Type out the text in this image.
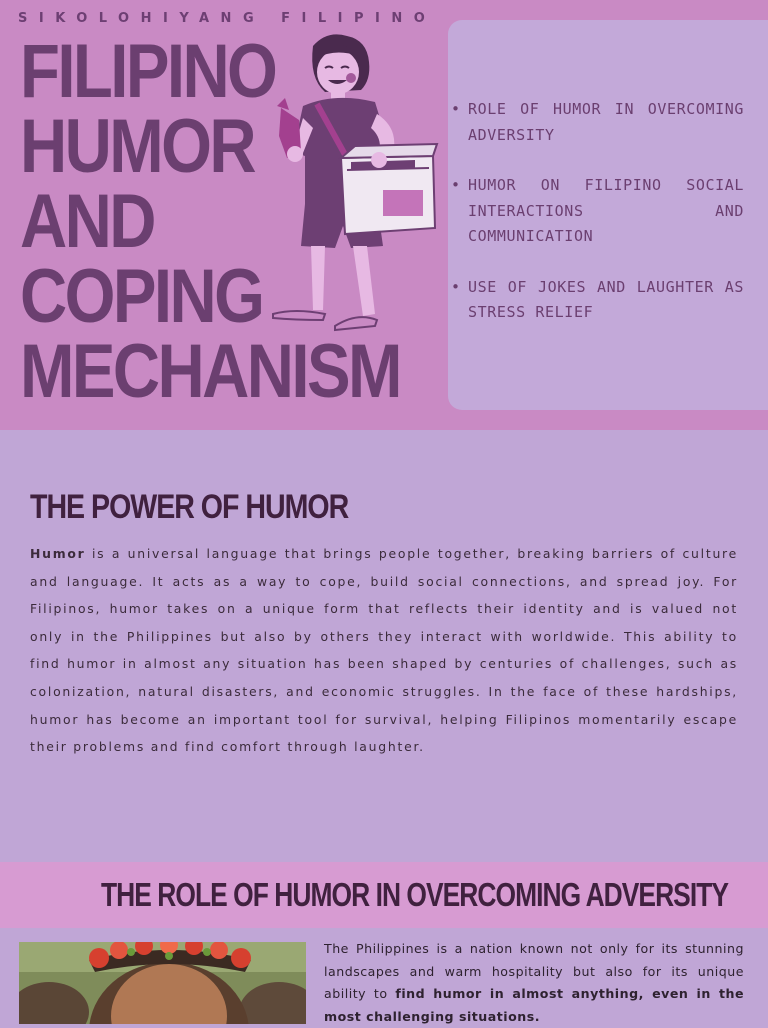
SIKOLOHIYANG FILIPINO
FILIPINO
HUMOR
AND
COPING
MECHANISM
• ROLE OF HUMOR IN OVERCOMING ADVERSITY
• HUMOR ON FILIPINO SOCIAL INTERACTIONS AND COMMUNICATION
• USE OF JOKES AND LAUGHTER AS STRESS RELIEF
THE POWER OF HUMOR

Humor is a universal language that brings people together, breaking barriers of culture and language. It acts as a way to cope, build social connections, and spread joy. For Filipinos, humor takes on a unique form that reflects their identity and is valued not only in the Philippines but also by others they interact with worldwide. This ability to find humor in almost any situation has been shaped by centuries of challenges, such as colonization, natural disasters, and economic struggles. In the face of these hardships, humor has become an important tool for survival, helping Filipinos momentarily escape their problems and find comfort through laughter.

THE ROLE OF HUMOR IN OVERCOMING ADVERSITY

The Philippines is a nation known not only for its stunning landscapes and warm hospitality but also for its unique ability to find humor in almost anything, even in the most challenging situations.
